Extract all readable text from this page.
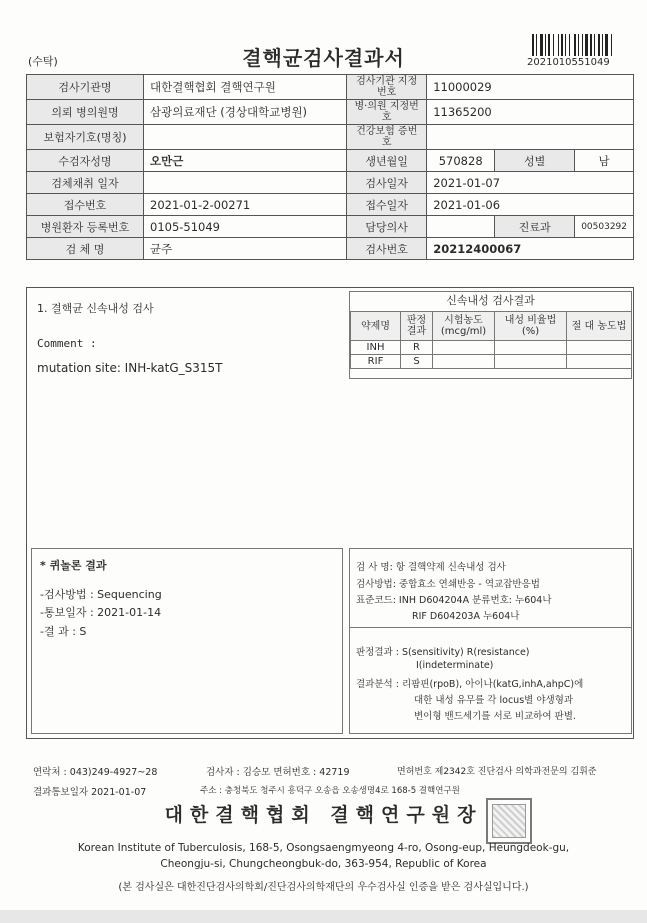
(수탁)	결핵균검사결과서	2021010551049
검사기관명	대한결핵협회 결핵연구원	검사기관 지정번호	11000029		
의뢰 병의원명	삼광의료재단 (경상대학교병원)	병·의원 지정번호	11365200		
보험자기호(명칭)		건강보험 증번호			
수검자성명	오만근	생년월일	570828	성별	남
검체채취 일자		검사일자	2021-01-07		
접수번호	2021-01-2-00271	접수일자	2021-01-06		
병원환자 등록번호	0105-51049	담당의사		진료과	00503292
검 체 명	균주	검사번호	20212400067		
1. 결핵균 신속내성 검사
Comment :
mutation site: INH-katG_S315T
신속내성 검사결과
약제명	판정 결과	시험농도 (mcg/ml)	내성 비율법(%)	절 대 농도법
INH	R			
RIF	S			
* 퀴놀론 결과
-검사방법 : Sequencing
-통보일자 : 2021-01-14
-결 과 : S
검 사 명: 항 결핵약제 신속내성 검사
검사방법: 중합효소 연쇄반응 - 역교잡반응법
표준코드: INH D604204A 분류번호: 누604나
RIF D604203A 누604나
판정결과 : S(sensitivity) R(resistance)
I(indeterminate)
결과분석 : 리팜핀(rpoB), 아이나(katG,inhA,ahpC)에
대한 내성 유무를 각 locus별 야생형과
변이형 밴드세기를 서로 비교하여 판별.
연락처 : 043)249-4927~28	검사자 : 김승모 면허번호 : 42719	면허번호 제2342호 진단검사 의학과전문의 김휘준
결과통보일자 2021-01-07	주소 : 충청북도 청주시 흥덕구 오송읍 오송생명4로 168-5 결핵연구원
대한결핵협회 결핵연구원장
Korean Institute of Tuberculosis, 168-5, Osongsaengmyeong 4-ro, Osong-eup, Heungdeok-gu,
Cheongju-si, Chungcheongbuk-do, 363-954, Republic of Korea
(본 검사실은 대한진단검사의학회/진단검사의학재단의 우수검사실 인증을 받은 검사실입니다.)
